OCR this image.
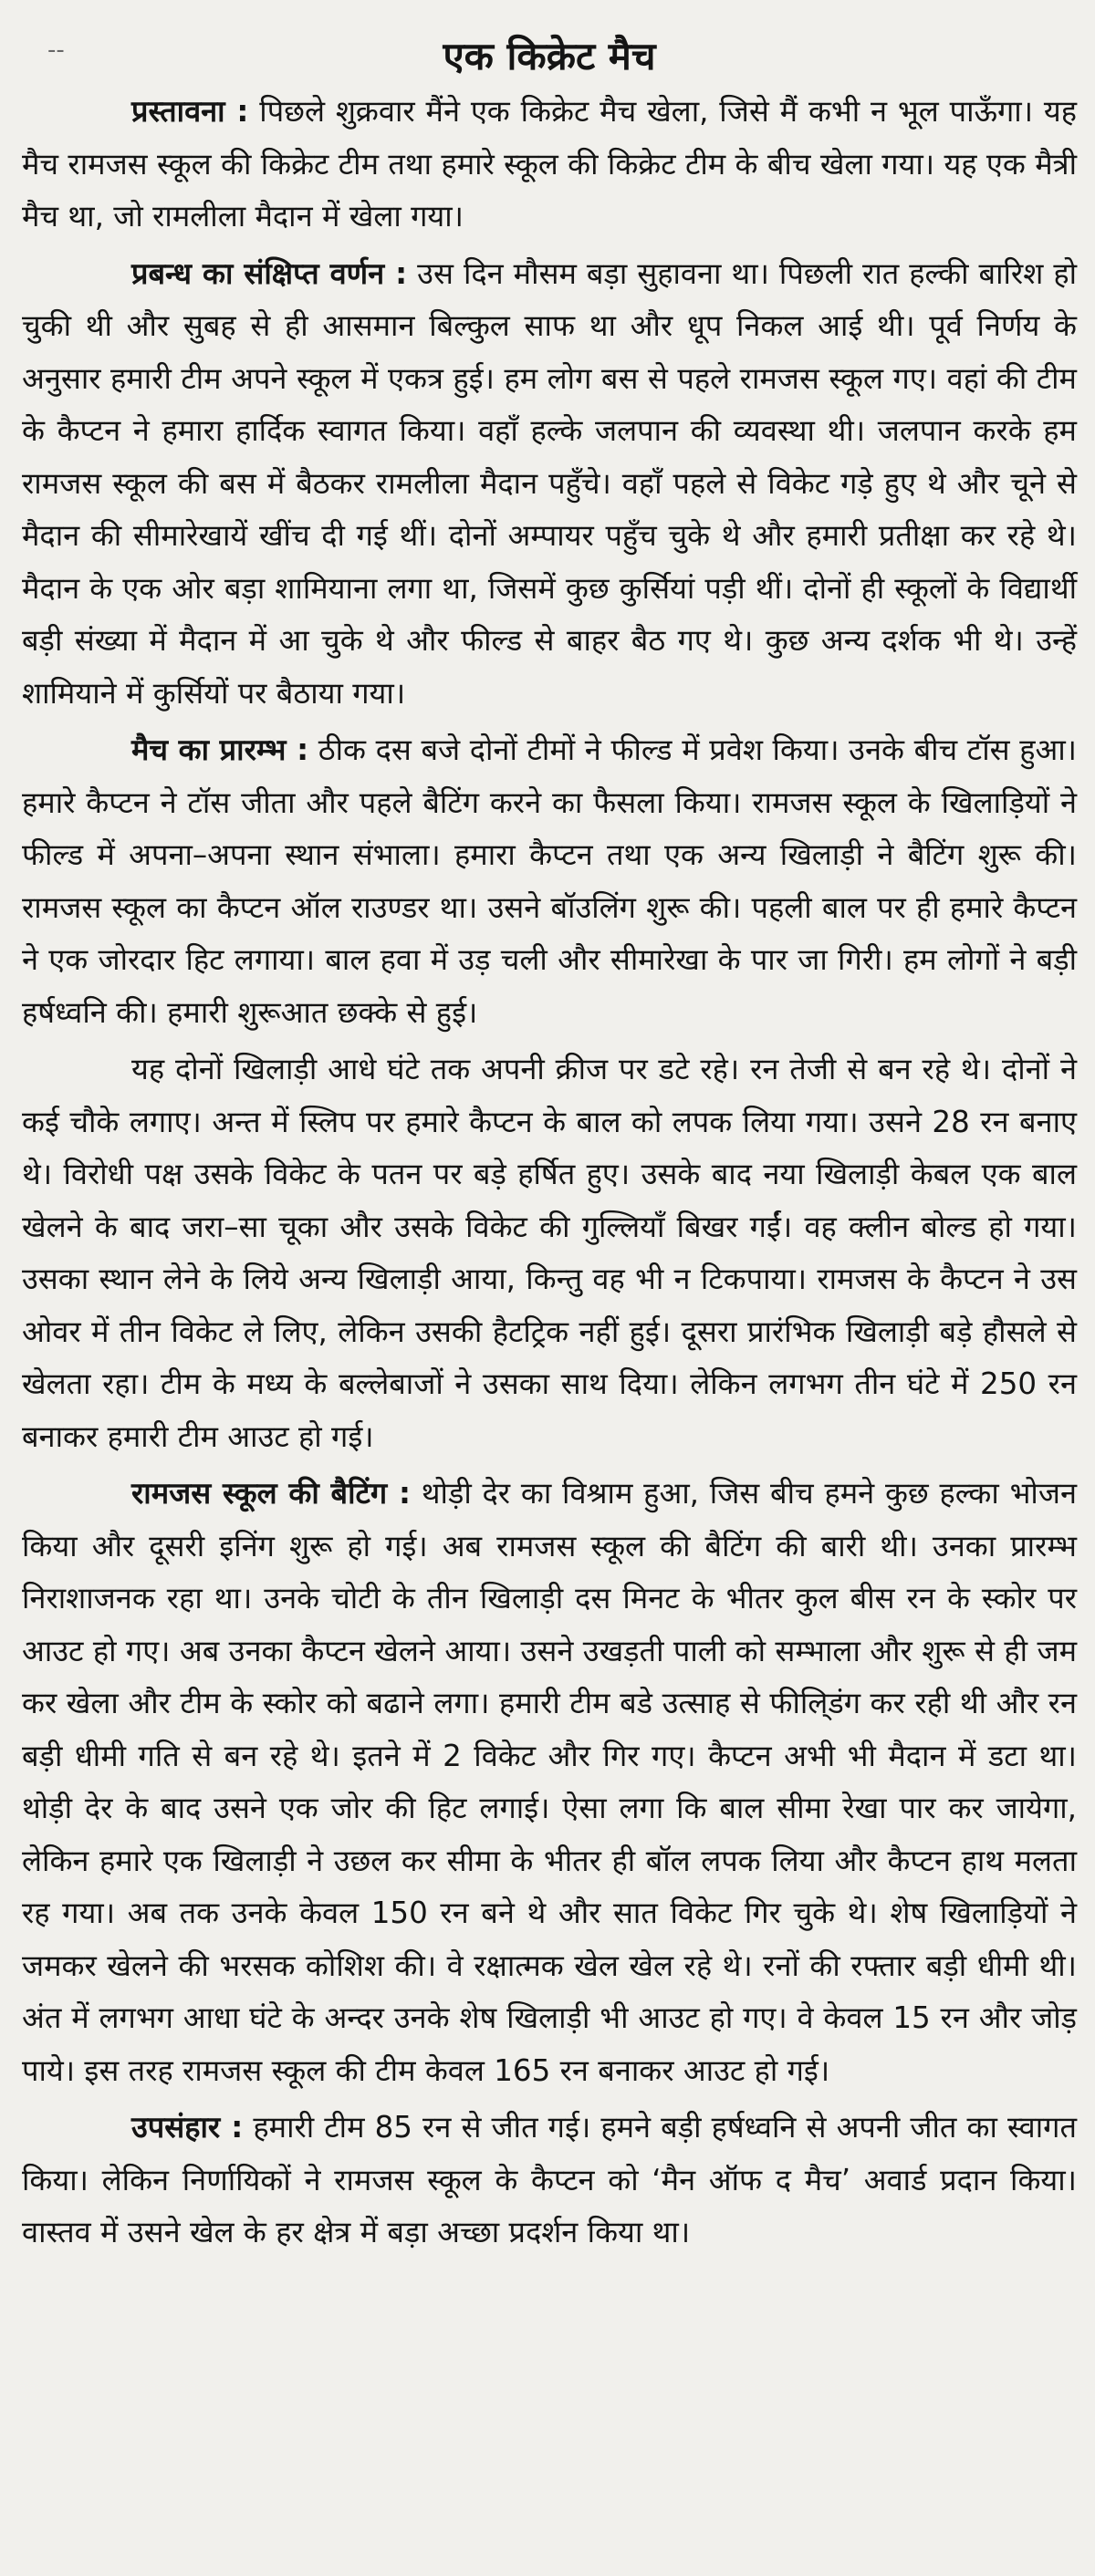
--	एक किक्रेट मैच

प्रस्तावना : पिछले शुक्रवार मैंने एक किक्रेट मैच खेला, जिसे मैं कभी न भूल पाऊँगा। यह मैच रामजस स्कूल की किक्रेट टीम तथा हमारे स्कूल की किक्रेट टीम के बीच खेला गया। यह एक मैत्री मैच था, जो रामलीला मैदान में खेला गया।

प्रबन्ध का संक्षिप्त वर्णन : उस दिन मौसम बड़ा सुहावना था। पिछली रात हल्की बारिश हो चुकी थी और सुबह से ही आसमान बिल्कुल साफ था और धूप निकल आई थी। पूर्व निर्णय के अनुसार हमारी टीम अपने स्कूल में एकत्र हुई। हम लोग बस से पहले रामजस स्कूल गए। वहां की टीम के कैप्टन ने हमारा हार्दिक स्वागत किया। वहाँ हल्के जलपान की व्यवस्था थी। जलपान करके हम रामजस स्कूल की बस में बैठकर रामलीला मैदान पहुँचे। वहाँ पहले से विकेट गड़े हुए थे और चूने से मैदान की सीमारेखायें खींच दी गई थीं। दोनों अम्पायर पहुँच चुके थे और हमारी प्रतीक्षा कर रहे थे। मैदान के एक ओर बड़ा शामियाना लगा था, जिसमें कुछ कुर्सियां पड़ी थीं। दोनों ही स्कूलों के विद्यार्थी बड़ी संख्या में मैदान में आ चुके थे और फील्ड से बाहर बैठ गए थे। कुछ अन्य दर्शक भी थे। उन्हें शामियाने में कुर्सियों पर बैठाया गया।

मैच का प्रारम्भ : ठीक दस बजे दोनों टीमों ने फील्ड में प्रवेश किया। उनके बीच टॉस हुआ। हमारे कैप्टन ने टॉस जीता और पहले बैटिंग करने का फैसला किया। रामजस स्कूल के खिलाड़ियों ने फील्ड में अपना–अपना स्थान संभाला। हमारा कैप्टन तथा एक अन्य खिलाड़ी ने बैटिंग शुरू की। रामजस स्कूल का कैप्टन ऑल राउण्डर था। उसने बॉउलिंग शुरू की। पहली बाल पर ही हमारे कैप्टन ने एक जोरदार हिट लगाया। बाल हवा में उड़ चली और सीमारेखा के पार जा गिरी। हम लोगों ने बड़ी हर्षध्वनि की। हमारी शुरूआत छक्के से हुई।

यह दोनों खिलाड़ी आधे घंटे तक अपनी क्रीज पर डटे रहे। रन तेजी से बन रहे थे। दोनों ने कई चौके लगाए। अन्त में स्लिप पर हमारे कैप्टन के बाल को लपक लिया गया। उसने 28 रन बनाए थे। विरोधी पक्ष उसके विकेट के पतन पर बड़े हर्षित हुए। उसके बाद नया खिलाड़ी केबल एक बाल खेलने के बाद जरा–सा चूका और उसके विकेट की गुल्लियाँ बिखर गईं। वह क्लीन बोल्ड हो गया। उसका स्थान लेने के लिये अन्य खिलाड़ी आया, किन्तु वह भी न टिकपाया। रामजस के कैप्टन ने उस ओवर में तीन विकेट ले लिए, लेकिन उसकी हैटट्रिक नहीं हुई। दूसरा प्रारंभिक खिलाड़ी बड़े हौसले से खेलता रहा। टीम के मध्य के बल्लेबाजों ने उसका साथ दिया। लेकिन लगभग तीन घंटे में 250 रन बनाकर हमारी टीम आउट हो गई।

रामजस स्कूल की बैटिंग : थोड़ी देर का विश्राम हुआ, जिस बीच हमने कुछ हल्का भोजन किया और दूसरी इनिंग शुरू हो गई। अब रामजस स्कूल की बैटिंग की बारी थी। उनका प्रारम्भ निराशाजनक रहा था। उनके चोटी के तीन खिलाड़ी दस मिनट के भीतर कुल बीस रन के स्कोर पर आउट हो गए। अब उनका कैप्टन खेलने आया। उसने उखड़ती पाली को सम्भाला और शुरू से ही जम कर खेला और टीम के स्कोर को बढाने लगा। हमारी टीम बडे उत्साह से फीलि्डंग कर रही थी और रन बड़ी धीमी गति से बन रहे थे। इतने में 2 विकेट और गिर गए। कैप्टन अभी भी मैदान में डटा था। थोड़ी देर के बाद उसने एक जोर की हिट लगाई। ऐसा लगा कि बाल सीमा रेखा पार कर जायेगा, लेकिन हमारे एक खिलाड़ी ने उछल कर सीमा के भीतर ही बॉल लपक लिया और कैप्टन हाथ मलता रह गया। अब तक उनके केवल 150 रन बने थे और सात विकेट गिर चुके थे। शेष खिलाड़ियों ने जमकर खेलने की भरसक कोशिश की। वे रक्षात्मक खेल खेल रहे थे। रनों की रफ्तार बड़ी धीमी थी। अंत में लगभग आधा घंटे के अन्दर उनके शेष खिलाड़ी भी आउट हो गए। वे केवल 15 रन और जोड़ पाये। इस तरह रामजस स्कूल की टीम केवल 165 रन बनाकर आउट हो गई।

उपसंहार : हमारी टीम 85 रन से जीत गई। हमने बड़ी हर्षध्वनि से अपनी जीत का स्वागत किया। लेकिन निर्णायिकों ने रामजस स्कूल के कैप्टन को ‘मैन ऑफ द मैच’ अवार्ड प्रदान किया। वास्तव में उसने खेल के हर क्षेत्र में बड़ा अच्छा प्रदर्शन किया था।
